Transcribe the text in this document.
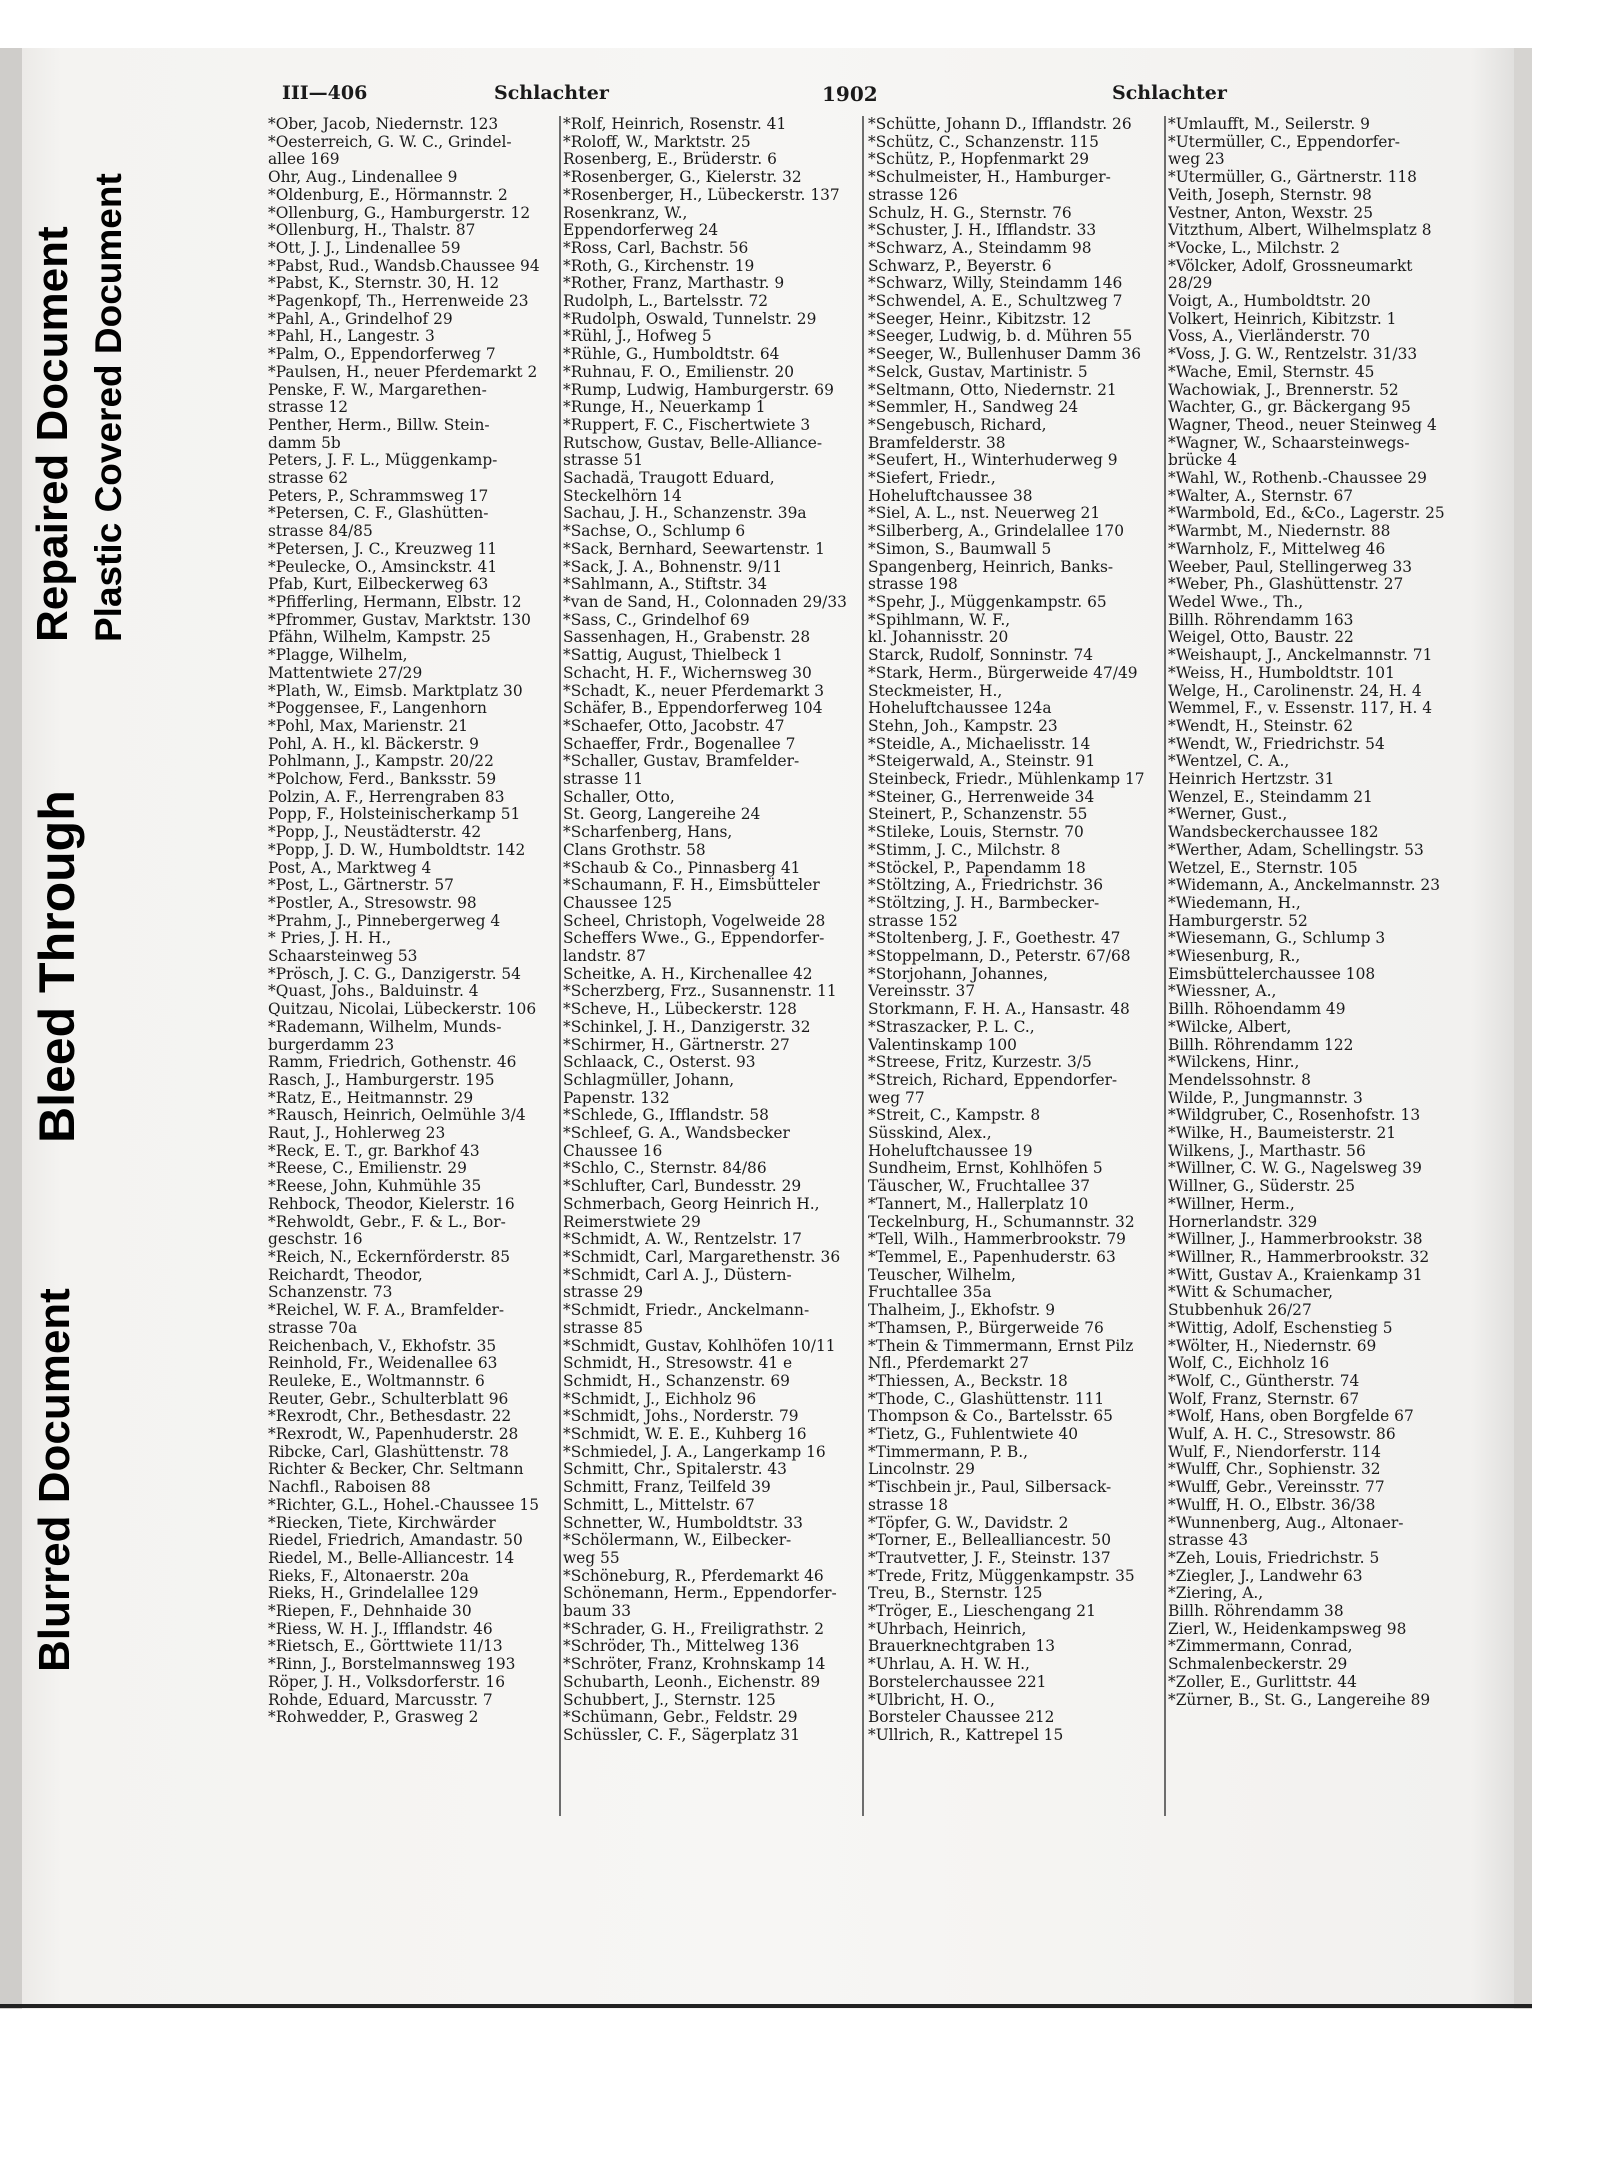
Blurred Document
Bleed Through
Repaired Document Plastic Covered Document
III—406	Schlachter	1902	Schlachter
*Ober, Jacob, Niedernstr. 123
*Oesterreich, G. W. C., Grindel-
allee 169
Ohr, Aug., Lindenallee 9
*Oldenburg, E., Hörmannstr. 2
*Ollenburg, G., Hamburgerstr. 12
*Ollenburg, H., Thalstr. 87
*Ott, J. J., Lindenallee 59
*Pabst, Rud., Wandsb.Chaussee 94
*Pabst, K., Sternstr. 30, H. 12
*Pagenkopf, Th., Herrenweide 23
*Pahl, A., Grindelhof 29
*Pahl, H., Langestr. 3
*Palm, O., Eppendorferweg 7
*Paulsen, H., neuer Pferdemarkt 2
Penske, F. W., Margarethen-
strasse 12
Penther, Herm., Billw. Stein-
damm 5b
Peters, J. F. L., Müggenkamp-
strasse 62
Peters, P., Schrammsweg 17
*Petersen, C. F., Glashütten-
strasse 84/85
*Petersen, J. C., Kreuzweg 11
*Peulecke, O., Amsinckstr. 41
Pfab, Kurt, Eilbeckerweg 63
*Pfifferling, Hermann, Elbstr. 12
*Pfrommer, Gustav, Marktstr. 130
Pfähn, Wilhelm, Kampstr. 25
*Plagge, Wilhelm,
Mattentwiete 27/29
*Plath, W., Eimsb. Marktplatz 30
*Poggensee, F., Langenhorn
*Pohl, Max, Marienstr. 21
Pohl, A. H., kl. Bäckerstr. 9
Pohlmann, J., Kampstr. 20/22
*Polchow, Ferd., Banksstr. 59
Polzin, A. F., Herrengraben 83
Popp, F., Holsteinischerkamp 51
*Popp, J., Neustädterstr. 42
*Popp, J. D. W., Humboldtstr. 142
Post, A., Marktweg 4
*Post, L., Gärtnerstr. 57
*Postler, A., Stresowstr. 98
*Prahm, J., Pinnebergerweg 4
* Pries, J. H. H.,
Schaarsteinweg 53
*Prösch, J. C. G., Danzigerstr. 54
*Quast, Johs., Balduinstr. 4
Quitzau, Nicolai, Lübeckerstr. 106
*Rademann, Wilhelm, Munds-
burgerdamm 23
Ramm, Friedrich, Gothenstr. 46
Rasch, J., Hamburgerstr. 195
*Ratz, E., Heitmannstr. 29
*Rausch, Heinrich, Oelmühle 3/4
Raut, J., Hohlerweg 23
*Reck, E. T., gr. Barkhof 43
*Reese, C., Emilienstr. 29
*Reese, John, Kuhmühle 35
Rehbock, Theodor, Kielerstr. 16
*Rehwoldt, Gebr., F. & L., Bor-
geschstr. 16
*Reich, N., Eckernförderstr. 85
Reichardt, Theodor,
Schanzenstr. 73
*Reichel, W. F. A., Bramfelder-
strasse 70a
Reichenbach, V., Ekhofstr. 35
Reinhold, Fr., Weidenallee 63
Reuleke, E., Woltmannstr. 6
Reuter, Gebr., Schulterblatt 96
*Rexrodt, Chr., Bethesdastr. 22
*Rexrodt, W., Papenhuderstr. 28
Ribcke, Carl, Glashüttenstr. 78
Richter & Becker, Chr. Seltmann
Nachfl., Raboisen 88
*Richter, G.L., Hohel.-Chaussee 15
*Riecken, Tiete, Kirchwärder
Riedel, Friedrich, Amandastr. 50
Riedel, M., Belle-Alliancestr. 14
Rieks, F., Altonaerstr. 20a
Rieks, H., Grindelallee 129
*Riepen, F., Dehnhaide 30
*Riess, W. H. J., Ifflandstr. 46
*Rietsch, E., Görttwiete 11/13
*Rinn, J., Borstelmannsweg 193
Röper, J. H., Volksdorferstr. 16
Rohde, Eduard, Marcusstr. 7
*Rohwedder, P., Grasweg 2
*Rolf, Heinrich, Rosenstr. 41
*Roloff, W., Marktstr. 25
Rosenberg, E., Brüderstr. 6
*Rosenberger, G., Kielerstr. 32
*Rosenberger, H., Lübeckerstr. 137
Rosenkranz, W.,
Eppendorferweg 24
*Ross, Carl, Bachstr. 56
*Roth, G., Kirchenstr. 19
*Rother, Franz, Marthastr. 9
Rudolph, L., Bartelsstr. 72
*Rudolph, Oswald, Tunnelstr. 29
*Rühl, J., Hofweg 5
*Rühle, G., Humboldtstr. 64
*Ruhnau, F. O., Emilienstr. 20
*Rump, Ludwig, Hamburgerstr. 69
*Runge, H., Neuerkamp 1
*Ruppert, F. C., Fischertwiete 3
Rutschow, Gustav, Belle-Alliance-
strasse 51
Sachadä, Traugott Eduard,
Steckelhörn 14
Sachau, J. H., Schanzenstr. 39a
*Sachse, O., Schlump 6
*Sack, Bernhard, Seewartenstr. 1
*Sack, J. A., Bohnenstr. 9/11
*Sahlmann, A., Stiftstr. 34
*van de Sand, H., Colonnaden 29/33
*Sass, C., Grindelhof 69
Sassenhagen, H., Grabenstr. 28
*Sattig, August, Thielbeck 1
Schacht, H. F., Wichernsweg 30
*Schadt, K., neuer Pferdemarkt 3
Schäfer, B., Eppendorferweg 104
*Schaefer, Otto, Jacobstr. 47
Schaeffer, Frdr., Bogenallee 7
*Schaller, Gustav, Bramfelder-
strasse 11
Schaller, Otto,
St. Georg, Langereihe 24
*Scharfenberg, Hans,
Clans Grothstr. 58
*Schaub & Co., Pinnasberg 41
*Schaumann, F. H., Eimsbütteler
Chaussee 125
Scheel, Christoph, Vogelweide 28
Scheffers Wwe., G., Eppendorfer-
landstr. 87
Scheitke, A. H., Kirchenallee 42
*Scherzberg, Frz., Susannenstr. 11
*Scheve, H., Lübeckerstr. 128
*Schinkel, J. H., Danzigerstr. 32
*Schirmer, H., Gärtnerstr. 27
Schlaack, C., Osterst. 93
Schlagmüller, Johann,
Papenstr. 132
*Schlede, G., Ifflandstr. 58
*Schleef, G. A., Wandsbecker
Chaussee 16
*Schlo, C., Sternstr. 84/86
*Schlufter, Carl, Bundesstr. 29
Schmerbach, Georg Heinrich H.,
Reimerstwiete 29
*Schmidt, A. W., Rentzelstr. 17
*Schmidt, Carl, Margarethenstr. 36
*Schmidt, Carl A. J., Düstern-
strasse 29
*Schmidt, Friedr., Anckelmann-
strasse 85
*Schmidt, Gustav, Kohlhöfen 10/11
Schmidt, H., Stresowstr. 41 e
Schmidt, H., Schanzenstr. 69
*Schmidt, J., Eichholz 96
*Schmidt, Johs., Norderstr. 79
*Schmidt, W. E. E., Kuhberg 16
*Schmiedel, J. A., Langerkamp 16
Schmitt, Chr., Spitalerstr. 43
Schmitt, Franz, Teilfeld 39
Schmitt, L., Mittelstr. 67
Schnetter, W., Humboldtstr. 33
*Schölermann, W., Eilbecker-
weg 55
*Schöneburg, R., Pferdemarkt 46
Schönemann, Herm., Eppendorfer-
baum 33
*Schrader, G. H., Freiligrathstr. 2
*Schröder, Th., Mittelweg 136
*Schröter, Franz, Krohnskamp 14
Schubarth, Leonh., Eichenstr. 89
Schubbert, J., Sternstr. 125
*Schümann, Gebr., Feldstr. 29
Schüssler, C. F., Sägerplatz 31
*Schütte, Johann D., Ifflandstr. 26
*Schütz, C., Schanzenstr. 115
*Schütz, P., Hopfenmarkt 29
*Schulmeister, H., Hamburger-
strasse 126
Schulz, H. G., Sternstr. 76
*Schuster, J. H., Ifflandstr. 33
*Schwarz, A., Steindamm 98
Schwarz, P., Beyerstr. 6
*Schwarz, Willy, Steindamm 146
*Schwendel, A. E., Schultzweg 7
*Seeger, Heinr., Kibitzstr. 12
*Seeger, Ludwig, b. d. Mühren 55
*Seeger, W., Bullenhuser Damm 36
*Selck, Gustav, Martinistr. 5
*Seltmann, Otto, Niedernstr. 21
*Semmler, H., Sandweg 24
*Sengebusch, Richard,
Bramfelderstr. 38
*Seufert, H., Winterhuderweg 9
*Siefert, Friedr.,
Hoheluftchaussee 38
*Siel, A. L., nst. Neuerweg 21
*Silberberg, A., Grindelallee 170
*Simon, S., Baumwall 5
Spangenberg, Heinrich, Banks-
strasse 198
*Spehr, J., Müggenkampstr. 65
*Spihlmann, W. F.,
kl. Johannisstr. 20
Starck, Rudolf, Sonninstr. 74
*Stark, Herm., Bürgerweide 47/49
Steckmeister, H.,
Hoheluftchaussee 124a
Stehn, Joh., Kampstr. 23
*Steidle, A., Michaelisstr. 14
*Steigerwald, A., Steinstr. 91
Steinbeck, Friedr., Mühlenkamp 17
*Steiner, G., Herrenweide 34
Steinert, P., Schanzenstr. 55
*Stileke, Louis, Sternstr. 70
*Stimm, J. C., Milchstr. 8
*Stöckel, P., Papendamm 18
*Stöltzing, A., Friedrichstr. 36
*Stöltzing, J. H., Barmbecker-
strasse 152
*Stoltenberg, J. F., Goethestr. 47
*Stoppelmann, D., Peterstr. 67/68
*Storjohann, Johannes,
Vereinsstr. 37
Storkmann, F. H. A., Hansastr. 48
*Straszacker, P. L. C.,
Valentinskamp 100
*Streese, Fritz, Kurzestr. 3/5
*Streich, Richard, Eppendorfer-
weg 77
*Streit, C., Kampstr. 8
Süsskind, Alex.,
Hoheluftchaussee 19
Sundheim, Ernst, Kohlhöfen 5
Täuscher, W., Fruchtallee 37
*Tannert, M., Hallerplatz 10
Teckelnburg, H., Schumannstr. 32
*Tell, Wilh., Hammerbrookstr. 79
*Temmel, E., Papenhuderstr. 63
Teuscher, Wilhelm,
Fruchtallee 35a
Thalheim, J., Ekhofstr. 9
*Thamsen, P., Bürgerweide 76
*Thein & Timmermann, Ernst Pilz
Nfl., Pferdemarkt 27
*Thiessen, A., Beckstr. 18
*Thode, C., Glashüttenstr. 111
Thompson & Co., Bartelsstr. 65
*Tietz, G., Fuhlentwiete 40
*Timmermann, P. B.,
Lincolnstr. 29
*Tischbein jr., Paul, Silbersack-
strasse 18
*Töpfer, G. W., Davidstr. 2
*Torner, E., Bellealliancestr. 50
*Trautvetter, J. F., Steinstr. 137
*Trede, Fritz, Müggenkampstr. 35
Treu, B., Sternstr. 125
*Tröger, E., Lieschengang 21
*Uhrbach, Heinrich,
Brauerknechtgraben 13
*Uhrlau, A. H. W. H.,
Borstelerchaussee 221
*Ulbricht, H. O.,
Borsteler Chaussee 212
*Ullrich, R., Kattrepel 15
*Umlaufft, M., Seilerstr. 9
*Utermüller, C., Eppendorfer-
weg 23
*Utermüller, G., Gärtnerstr. 118
Veith, Joseph, Sternstr. 98
Vestner, Anton, Wexstr. 25
Vitzthum, Albert, Wilhelmsplatz 8
*Vocke, L., Milchstr. 2
*Völcker, Adolf, Grossneumarkt
28/29
Voigt, A., Humboldtstr. 20
Volkert, Heinrich, Kibitzstr. 1
Voss, A., Vierländerstr. 70
*Voss, J. G. W., Rentzelstr. 31/33
*Wache, Emil, Sternstr. 45
Wachowiak, J., Brennerstr. 52
Wachter, G., gr. Bäckergang 95
Wagner, Theod., neuer Steinweg 4
*Wagner, W., Schaarsteinwegs-
brücke 4
*Wahl, W., Rothenb.-Chaussee 29
*Walter, A., Sternstr. 67
*Warmbold, Ed., &Co., Lagerstr. 25
*Warmbt, M., Niedernstr. 88
*Warnholz, F., Mittelweg 46
Weeber, Paul, Stellingerweg 33
*Weber, Ph., Glashüttenstr. 27
Wedel Wwe., Th.,
Billh. Röhrendamm 163
Weigel, Otto, Baustr. 22
*Weishaupt, J., Anckelmannstr. 71
*Weiss, H., Humboldtstr. 101
Welge, H., Carolinenstr. 24, H. 4
Wemmel, F., v. Essenstr. 117, H. 4
*Wendt, H., Steinstr. 62
*Wendt, W., Friedrichstr. 54
*Wentzel, C. A.,
Heinrich Hertzstr. 31
Wenzel, E., Steindamm 21
*Werner, Gust.,
Wandsbeckerchaussee 182
*Werther, Adam, Schellingstr. 53
Wetzel, E., Sternstr. 105
*Widemann, A., Anckelmannstr. 23
*Wiedemann, H.,
Hamburgerstr. 52
*Wiesemann, G., Schlump 3
*Wiesenburg, R.,
Eimsbüttelerchaussee 108
*Wiessner, A.,
Billh. Röhoendamm 49
*Wilcke, Albert,
Billh. Röhrendamm 122
*Wilckens, Hinr.,
Mendelssohnstr. 8
Wilde, P., Jungmannstr. 3
*Wildgruber, C., Rosenhofstr. 13
*Wilke, H., Baumeisterstr. 21
Wilkens, J., Marthastr. 56
*Willner, C. W. G., Nagelsweg 39
Willner, G., Süderstr. 25
*Willner, Herm.,
Hornerlandstr. 329
*Willner, J., Hammerbrookstr. 38
*Willner, R., Hammerbrookstr. 32
*Witt, Gustav A., Kraienkamp 31
*Witt & Schumacher,
Stubbenhuk 26/27
*Wittig, Adolf, Eschenstieg 5
*Wölter, H., Niedernstr. 69
Wolf, C., Eichholz 16
*Wolf, C., Güntherstr. 74
Wolf, Franz, Sternstr. 67
*Wolf, Hans, oben Borgfelde 67
Wulf, A. H. C., Stresowstr. 86
Wulf, F., Niendorferstr. 114
*Wulff, Chr., Sophienstr. 32
*Wulff, Gebr., Vereinsstr. 77
*Wulff, H. O., Elbstr. 36/38
*Wunnenberg, Aug., Altonaer-
strasse 43
*Zeh, Louis, Friedrichstr. 5
*Ziegler, J., Landwehr 63
*Ziering, A.,
Billh. Röhrendamm 38
Zierl, W., Heidenkampsweg 98
*Zimmermann, Conrad,
Schmalenbeckerstr. 29
*Zoller, E., Gurlittstr. 44
*Zürner, B., St. G., Langereihe 89
